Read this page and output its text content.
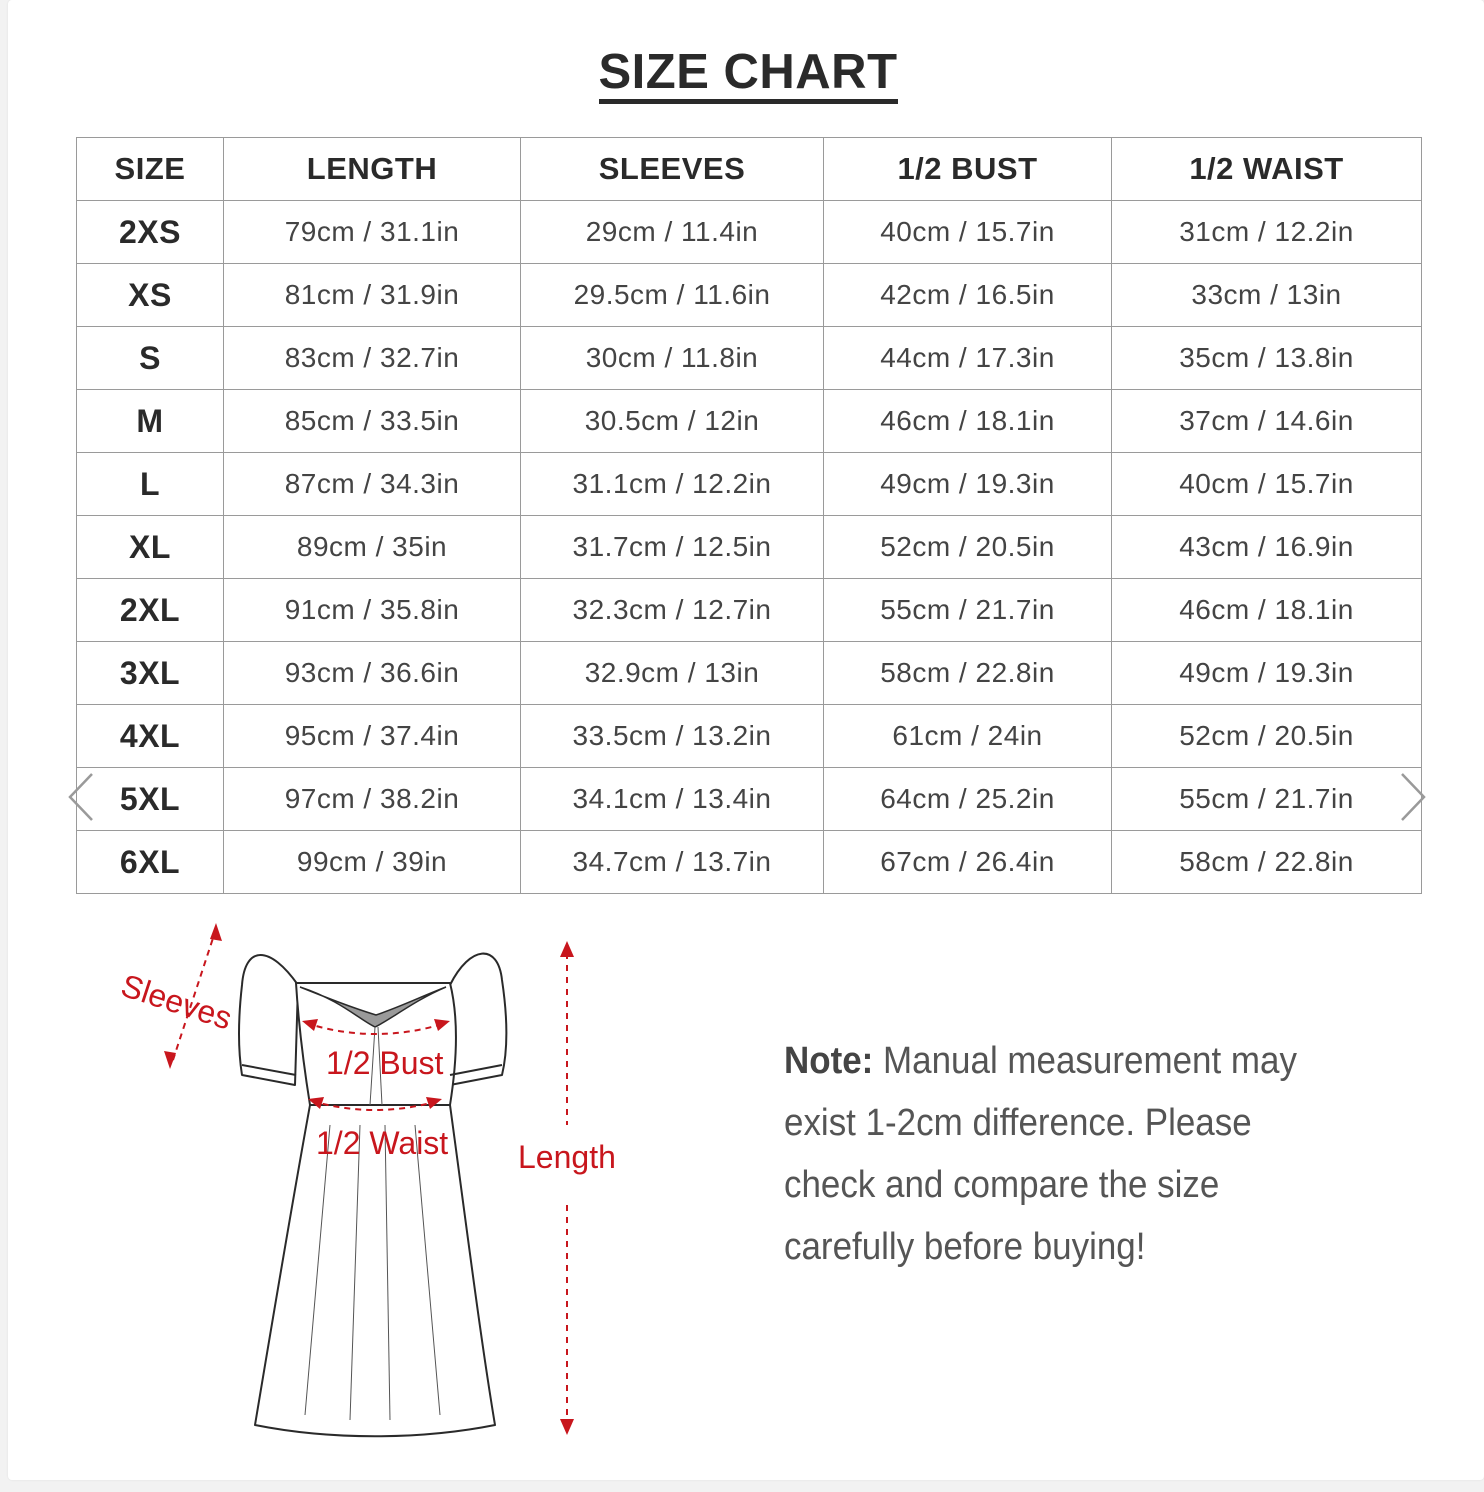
SIZE CHART
SIZE	LENGTH	SLEEVES	1/2 BUST	1/2 WAIST
2XS	79cm / 31.1in	29cm / 11.4in	40cm / 15.7in	31cm / 12.2in
XS	81cm / 31.9in	29.5cm / 11.6in	42cm / 16.5in	33cm / 13in
S	83cm / 32.7in	30cm / 11.8in	44cm / 17.3in	35cm / 13.8in
M	85cm / 33.5in	30.5cm / 12in	46cm / 18.1in	37cm / 14.6in
L	87cm / 34.3in	31.1cm / 12.2in	49cm / 19.3in	40cm / 15.7in
XL	89cm / 35in	31.7cm / 12.5in	52cm / 20.5in	43cm / 16.9in
2XL	91cm / 35.8in	32.3cm / 12.7in	55cm / 21.7in	46cm / 18.1in
3XL	93cm / 36.6in	32.9cm / 13in	58cm / 22.8in	49cm / 19.3in
4XL	95cm / 37.4in	33.5cm / 13.2in	61cm / 24in	52cm / 20.5in
5XL	97cm / 38.2in	34.1cm / 13.4in	64cm / 25.2in	55cm / 21.7in
6XL	99cm / 39in	34.7cm / 13.7in	67cm / 26.4in	58cm / 22.8in
Sleeves
1/2 Bust
1/2 Waist Length
Note: Manual measurement may exist 1-2cm difference. Please check and compare the size carefully before buying!
